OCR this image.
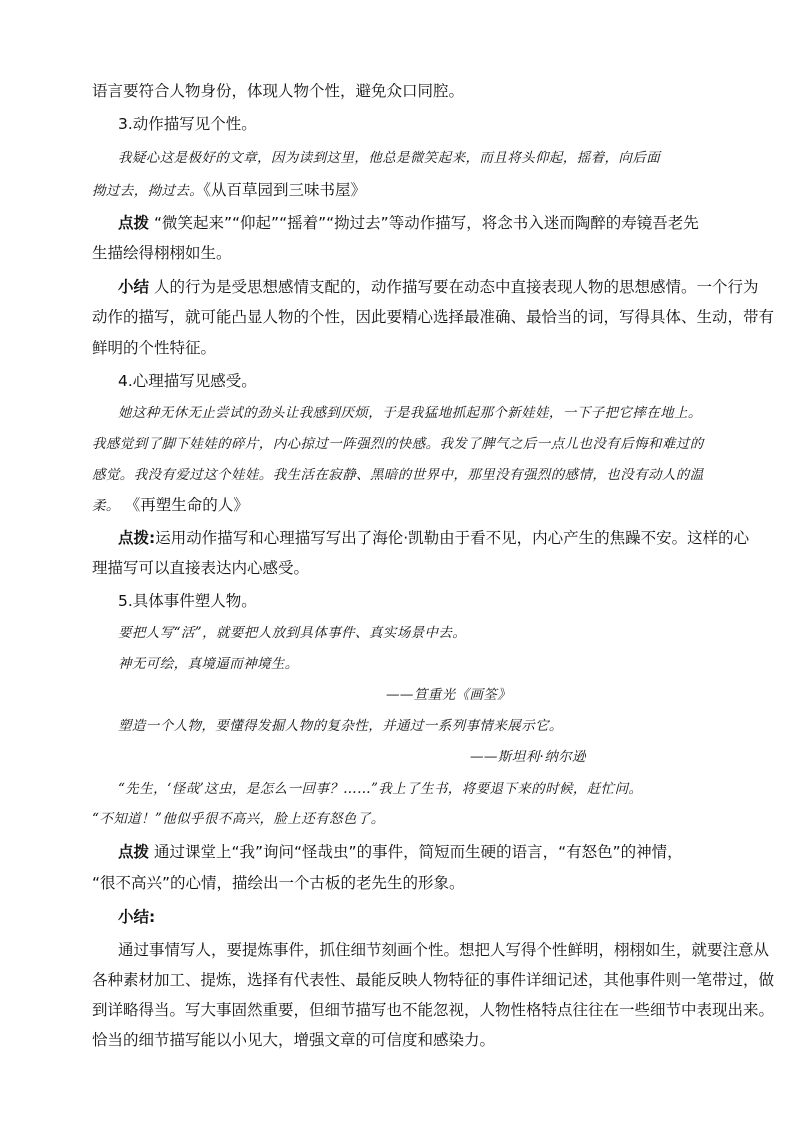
语言要符合人物身份，体现人物个性，避免众口同腔。
3.动作描写见个性。
我疑心这是极好的文章，因为读到这里，他总是微笑起来，而且将头仰起，摇着，向后面
拗过去，拗过去。《从百草园到三味书屋》
点拨 “微笑起来”“仰起”“摇着”“拗过去”等动作描写，将念书入迷而陶醉的寿镜吾老先
生描绘得栩栩如生。
小结 人的行为是受思想感情支配的，动作描写要在动态中直接表现人物的思想感情。一个行为
动作的描写，就可能凸显人物的个性，因此要精心选择最准确、最恰当的词，写得具体、生动，带有
鲜明的个性特征。
4.心理描写见感受。
她这种无休无止尝试的劲头让我感到厌烦，于是我猛地抓起那个新娃娃，一下子把它摔在地上。
我感觉到了脚下娃娃的碎片，内心掠过一阵强烈的快感。我发了脾气之后一点儿也没有后悔和难过的
感觉。我没有爱过这个娃娃。我生活在寂静、黑暗的世界中，那里没有强烈的感情，也没有动人的温
柔。 《再塑生命的人》
点拨:运用动作描写和心理描写写出了海伦·凯勒由于看不见，内心产生的焦躁不安。这样的心
理描写可以直接表达内心感受。
5.具体事件塑人物。
要把人写“活”，就要把人放到具体事件、真实场景中去。
神无可绘，真境逼而神境生。
——笪重光《画筌》
塑造一个人物，要懂得发掘人物的复杂性，并通过一系列事情来展示它。
——斯坦利·纳尔逊
“先生，‘怪哉’这虫，是怎么一回事？……”我上了生书，将要退下来的时候，赶忙问。
“不知道！”他似乎很不高兴，脸上还有怒色了。
点拨 通过课堂上“我”询问“怪哉虫”的事件，简短而生硬的语言，“有怒色”的神情，
“很不高兴”的心情，描绘出一个古板的老先生的形象。
小结:
通过事情写人，要提炼事件，抓住细节刻画个性。想把人写得个性鲜明，栩栩如生，就要注意从
各种素材加工、提炼，选择有代表性、最能反映人物特征的事件详细记述，其他事件则一笔带过，做
到详略得当。写大事固然重要，但细节描写也不能忽视，人物性格特点往往在一些细节中表现出来。
恰当的细节描写能以小见大，增强文章的可信度和感染力。
